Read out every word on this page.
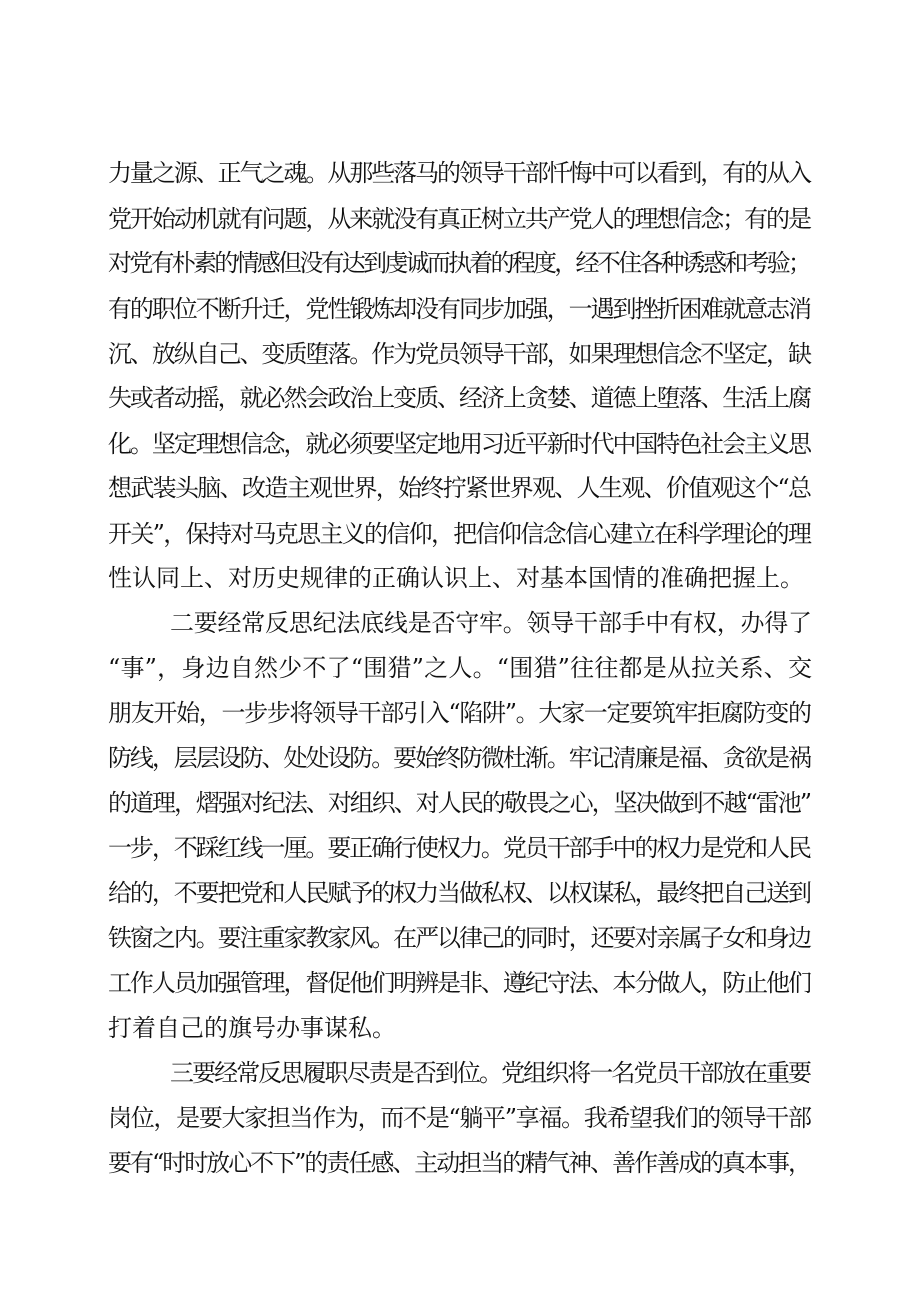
力量之源、正气之魂。从那些落马的领导干部忏悔中可以看到，有的从入
党开始动机就有问题，从来就没有真正树立共产党人的理想信念；有的是
对党有朴素的情感但没有达到虔诚而执着的程度，经不住各种诱惑和考验；
有的职位不断升迁，党性锻炼却没有同步加强，一遇到挫折困难就意志消
沉、放纵自己、变质堕落。作为党员领导干部，如果理想信念不坚定，缺
失或者动摇，就必然会政治上变质、经济上贪婪、道德上堕落、生活上腐
化。坚定理想信念，就必须要坚定地用习近平新时代中国特色社会主义思
想武装头脑、改造主观世界，始终拧紧世界观、人生观、价值观这个“总
开关”，保持对马克思主义的信仰，把信仰信念信心建立在科学理论的理
性认同上、对历史规律的正确认识上、对基本国情的准确把握上。
二要经常反思纪法底线是否守牢。领导干部手中有权，办得了
“事”，身边自然少不了“围猎”之人。“围猎”往往都是从拉关系、交
朋友开始，一步步将领导干部引入“陷阱”。大家一定要筑牢拒腐防变的
防线，层层设防、处处设防。要始终防微杜渐。牢记清廉是福、贪欲是祸
的道理，熠强对纪法、对组织、对人民的敬畏之心，坚决做到不越“雷池”
一步，不踩红线一厘。要正确行使权力。党员干部手中的权力是党和人民
给的，不要把党和人民赋予的权力当做私权、以权谋私，最终把自己送到
铁窗之内。要注重家教家风。在严以律己的同时，还要对亲属子女和身边
工作人员加强管理，督促他们明辨是非、遵纪守法、本分做人，防止他们
打着自己的旗号办事谋私。
三要经常反思履职尽责是否到位。党组织将一名党员干部放在重要
岗位，是要大家担当作为，而不是“躺平”享福。我希望我们的领导干部
要有“时时放心不下”的责任感、主动担当的精气神、善作善成的真本事，
